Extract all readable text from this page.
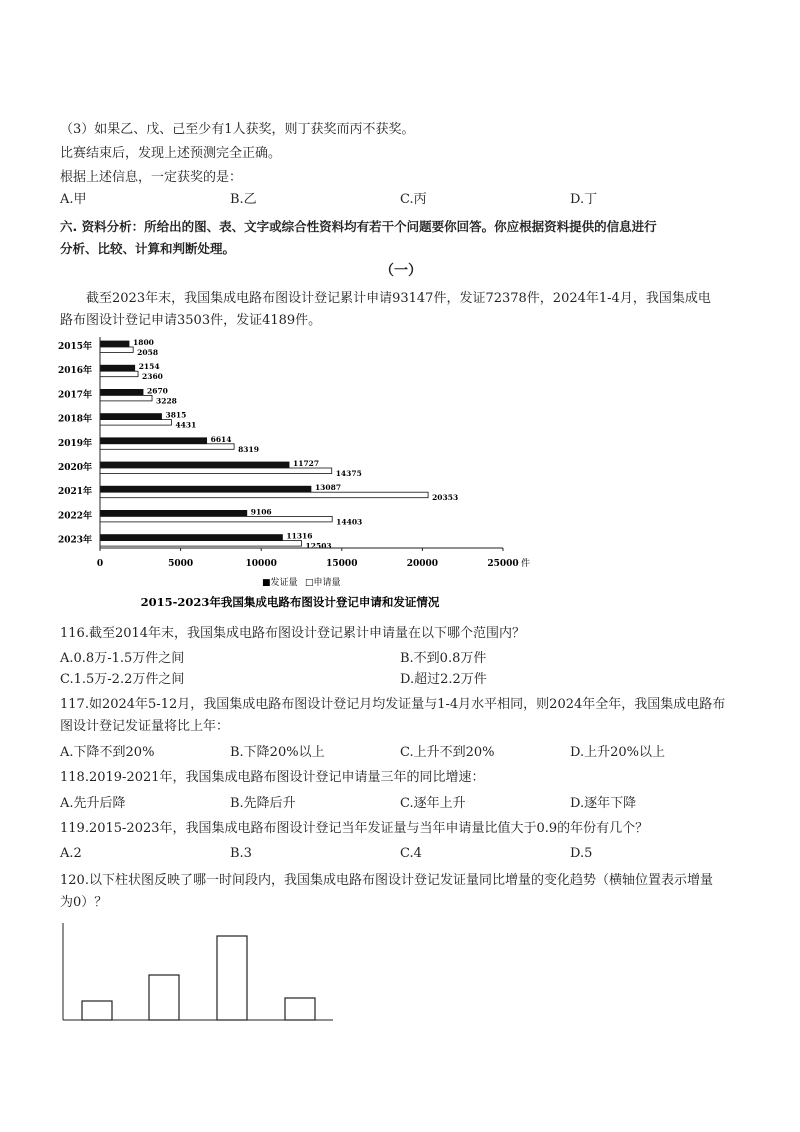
（3）如果乙、戊、己至少有1人获奖，则丁获奖而丙不获奖。
比赛结束后，发现上述预测完全正确。
根据上述信息，一定获奖的是：
A.甲	B.乙	C.丙	D.丁
六. 资料分析：所给出的图、表、文字或综合性资料均有若干个问题要你回答。你应根据资料提供的信息进行
分析、比较、计算和判断处理。
（一）
截至2023年末，我国集成电路布图设计登记累计申请93147件，发证72378件，2024年1-4月，我国集成电
路布图设计登记申请3503件，发证4189件。
2015年	1800
2058
2016年	2154
2360
2017年	2670
3228
2018年	3815
4431
2019年	6614
8319
2020年	11727
14375
2021年	13087
20353
2022年	9106
14403
2023年	11316
12503
0	5000	10000	15000	20000	25000 件
■发证量 □申请量
2015-2023年我国集成电路布图设计登记申请和发证情况
116.截至2014年末，我国集成电路布图设计登记累计申请量在以下哪个范围内？
A.0.8万-1.5万件之间	B.不到0.8万件
C.1.5万-2.2万件之间	D.超过2.2万件
117.如2024年5-12月，我国集成电路布图设计登记月均发证量与1-4月水平相同，则2024年全年，我国集成电路布
图设计登记发证量将比上年：
A.下降不到20%	B.下降20%以上	C.上升不到20%	D.上升20%以上
118.2019-2021年，我国集成电路布图设计登记申请量三年的同比增速：
A.先升后降	B.先降后升	C.逐年上升	D.逐年下降
119.2015-2023年，我国集成电路布图设计登记当年发证量与当年申请量比值大于0.9的年份有几个？
A.2	B.3	C.4	D.5
120.以下柱状图反映了哪一时间段内，我国集成电路布图设计登记发证量同比增量的变化趋势（横轴位置表示增量
为0）？
